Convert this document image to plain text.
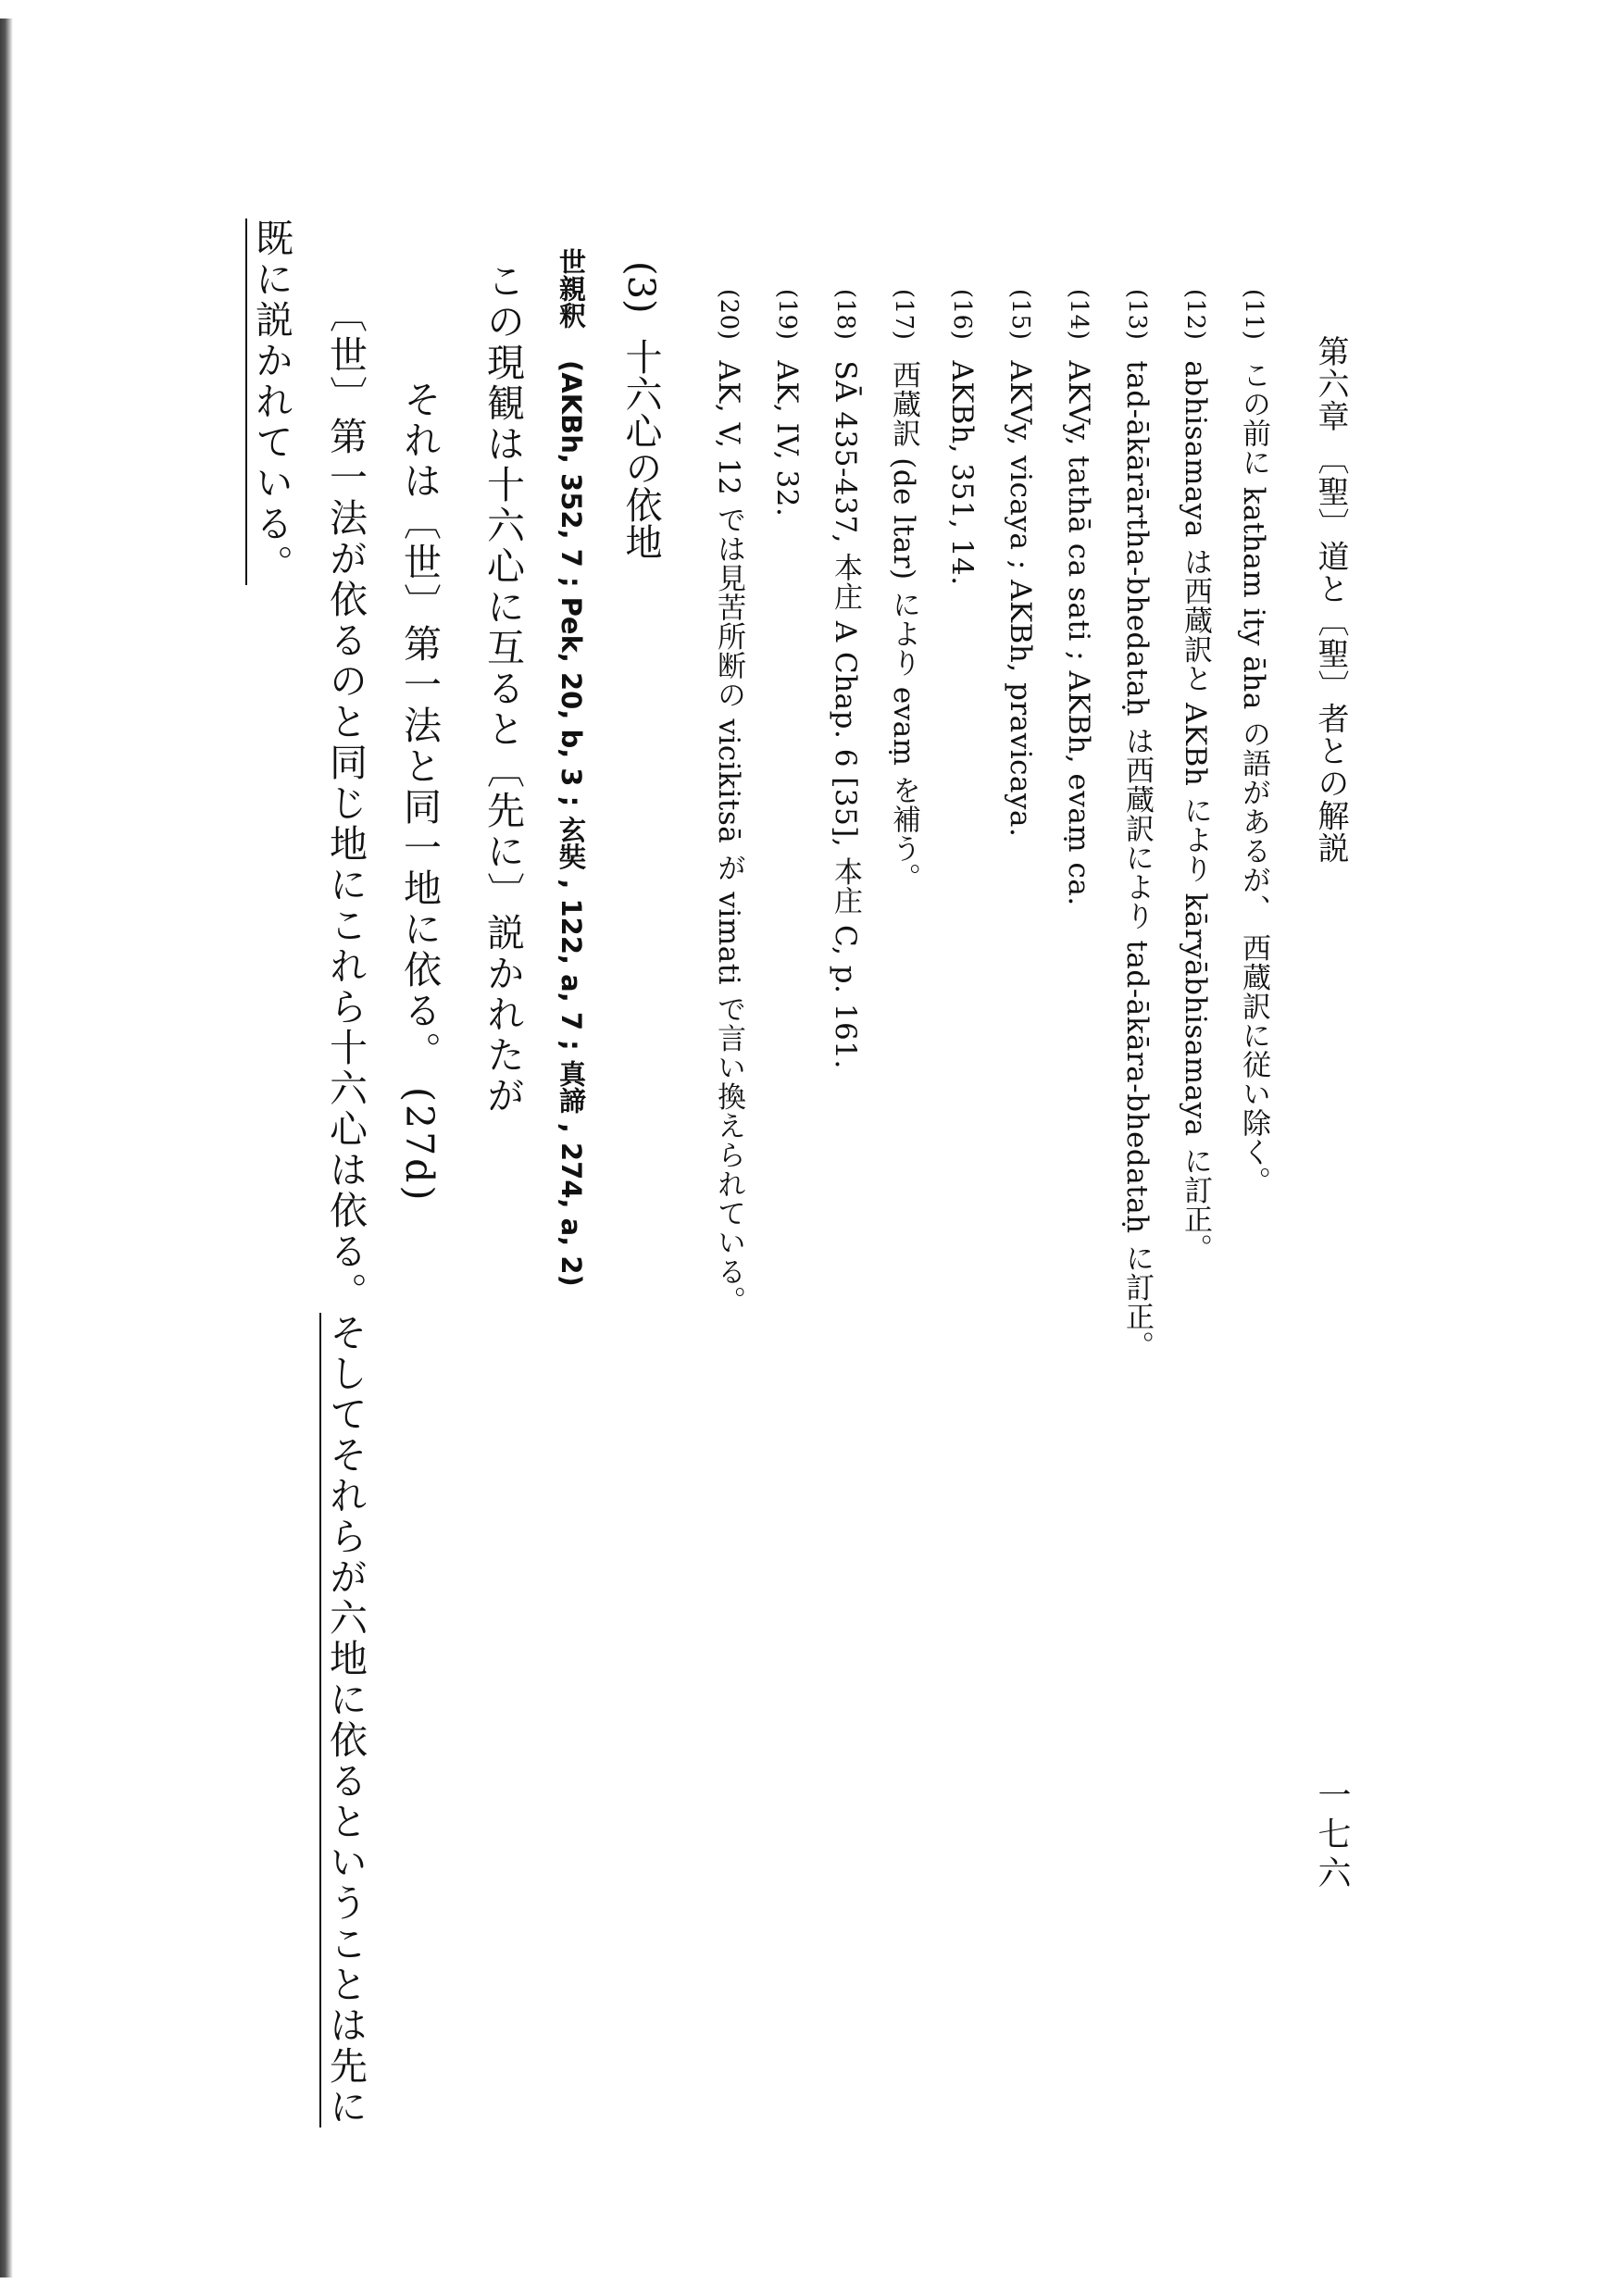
第六章 〔聖〕道と〔聖〕者との解説
一七六
(11)この前に katham ity āha の語があるが、 西蔵訳に従い除く。
(12)abhisamaya は西蔵訳と AKBh により kāryābhisamaya に訂正。
(13)tad-ākārārtha-bhedataḥ は西蔵訳により tad-ākāra-bhedataḥ に訂正。
(14)AKVy, tathā ca sati ; AKBh, evaṃ ca.
(15)AKVy, vicaya ; AKBh, pravicaya.
(16)AKBh, 351, 14.
(17)西蔵訳 (de ltar) により evaṃ を補う。
(18)SĀ 435-437, 本庄 A Chap. 6 [35], 本庄 C, p. 161.
(19)AK, IV, 32.
(20)AK, V, 12 では見苦所断の vicikitsā が vimati で言い換えられている。
(3)十六心の依地
世親釈(AKBh, 352, 7 ; Pek, 20, b, 3 ; 玄奘 , 122, a, 7 ; 真諦 , 274, a, 2)
この現観は十六心に互ると〔先に〕説かれたが
それは〔世〕第一法と同一地に依る。 (27d)
〔世〕第一法が依るのと同じ地にこれら十六心は依る。そしてそれらが六地に依るということは先に
既に説かれている。
